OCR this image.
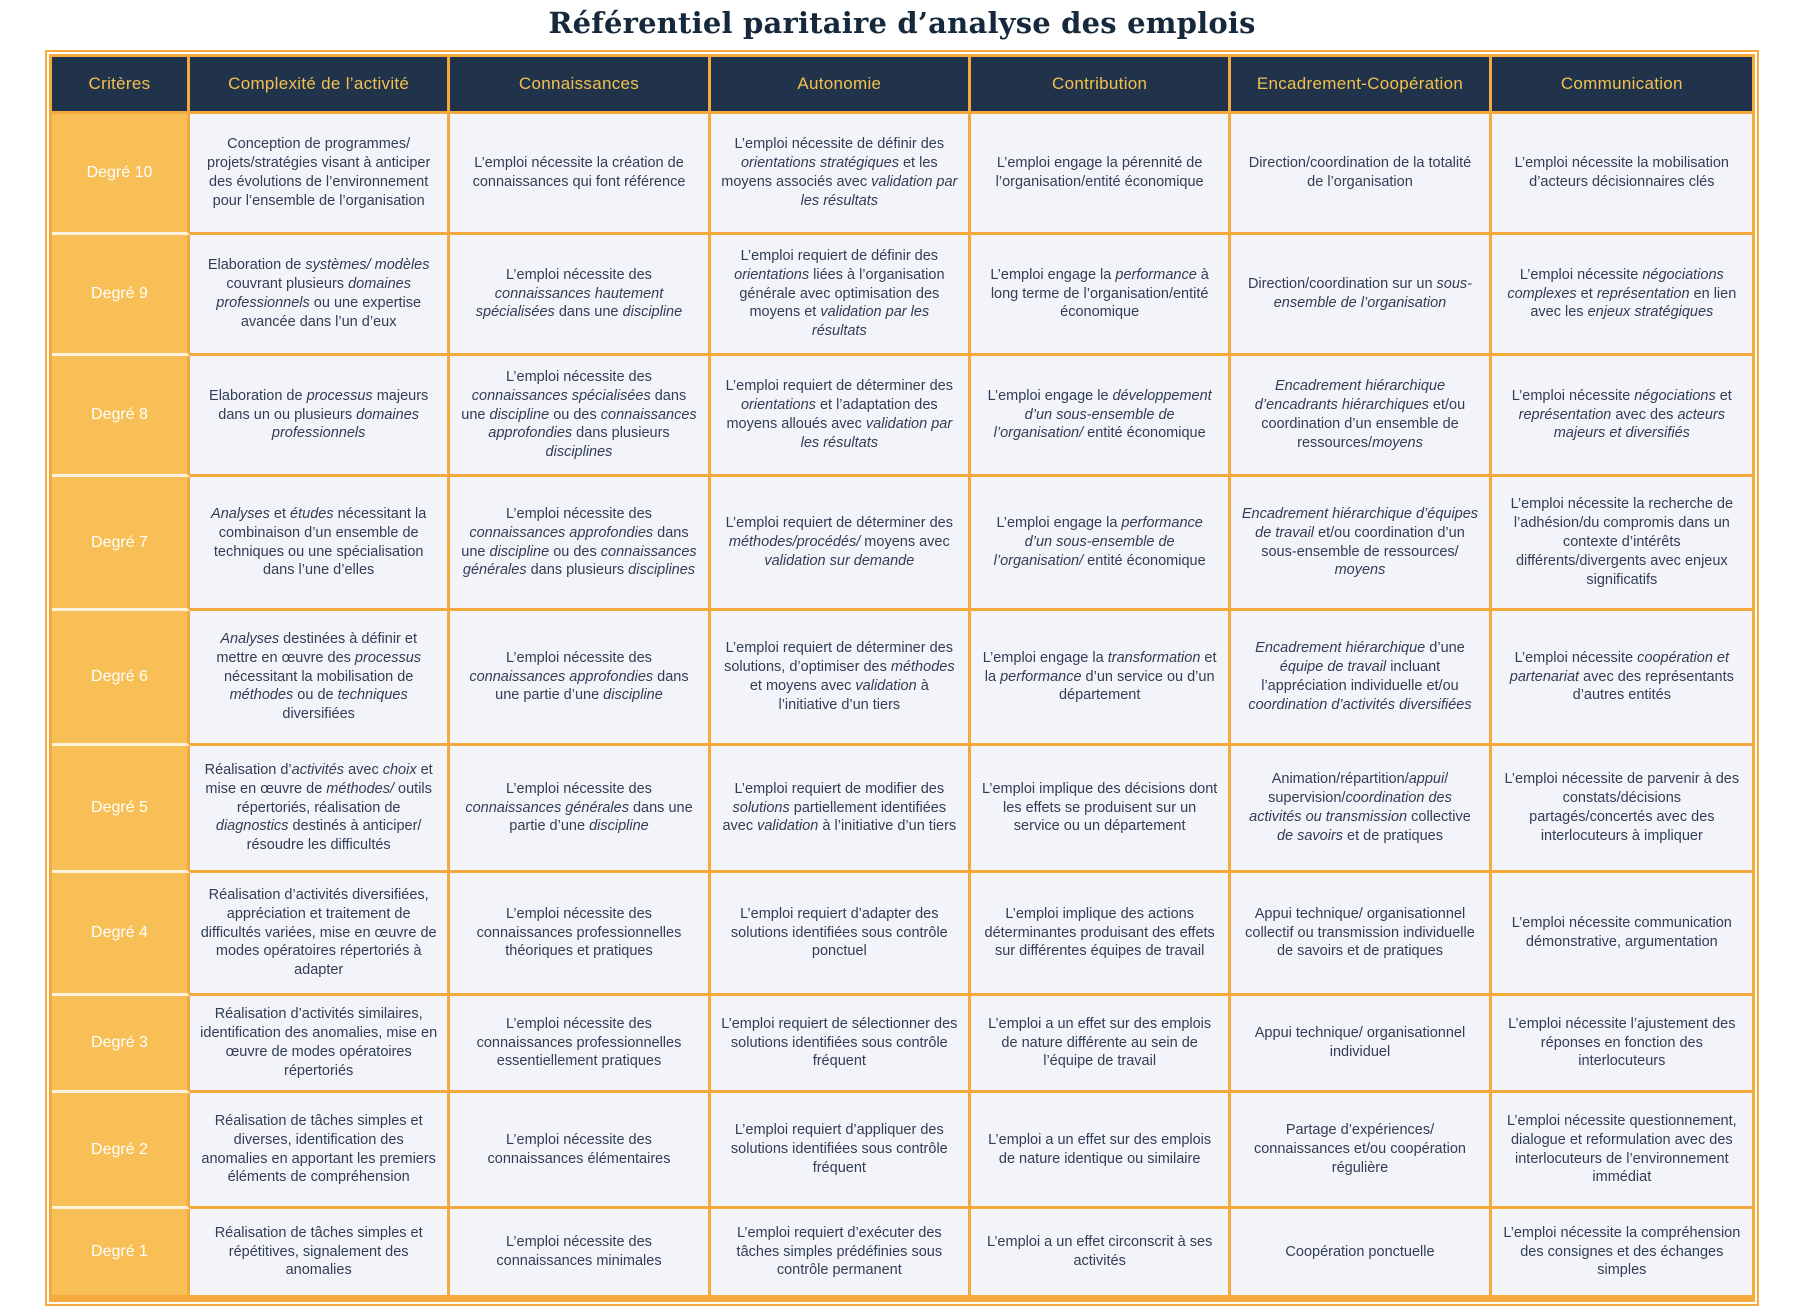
Référentiel paritaire d’analyse des emplois
Critères	Complexité de l’activité	Connaissances	Autonomie	Contribution	Encadrement-Coopération	Communication
Degré 10	Conception de programmes/ projets/stratégies visant à anticiper des évolutions de l’environnement pour l’ensemble de l’organisation	L’emploi nécessite la création de connaissances qui font référence	L’emploi nécessite de définir des orientations stratégiques et les moyens associés avec validation par les résultats	L’emploi engage la pérennité de l’organisation/entité économique	Direction/coordination de la totalité de l’organisation	L’emploi nécessite la mobilisation d’acteurs décisionnaires clés
Degré 9	Elaboration de systèmes/ modèles couvrant plusieurs domaines professionnels ou une expertise avancée dans l’un d’eux	L’emploi nécessite des connaissances hautement spécialisées dans une discipline	L’emploi requiert de définir des orientations liées à l’organisation générale avec optimisation des moyens et validation par les résultats	L’emploi engage la performance à long terme de l’organisation/entité économique	Direction/coordination sur un sous-ensemble de l’organisation	L’emploi nécessite négociations complexes et représentation en lien avec les enjeux stratégiques
Degré 8	Elaboration de processus majeurs dans un ou plusieurs domaines professionnels	L’emploi nécessite des connaissances spécialisées dans une discipline ou des connaissances approfondies dans plusieurs disciplines	L’emploi requiert de déterminer des orientations et l’adaptation des moyens alloués avec validation par les résultats	L’emploi engage le développement d’un sous-ensemble de l’organisation/ entité économique	Encadrement hiérarchique d’encadrants hiérarchiques et/ou coordination d’un ensemble de ressources/moyens	L’emploi nécessite négociations et représentation avec des acteurs majeurs et diversifiés
Degré 7	Analyses et études nécessitant la combinaison d’un ensemble de techniques ou une spécialisation dans l’une d’elles	L’emploi nécessite des connaissances approfondies dans une discipline ou des connaissances générales dans plusieurs disciplines	L’emploi requiert de déterminer des méthodes/procédés/ moyens avec validation sur demande	L’emploi engage la performance d’un sous-ensemble de l’organisation/ entité économique	Encadrement hiérarchique d’équipes de travail et/ou coordination d’un sous-ensemble de ressources/ moyens	L’emploi nécessite la recherche de l’adhésion/du compromis dans un contexte d’intérêts différents/divergents avec enjeux significatifs
Degré 6	Analyses destinées à définir et mettre en œuvre des processus nécessitant la mobilisation de méthodes ou de techniques diversifiées	L’emploi nécessite des connaissances approfondies dans une partie d’une discipline	L’emploi requiert de déterminer des solutions, d’optimiser des méthodes et moyens avec validation à l’initiative d’un tiers	L’emploi engage la transformation et la performance d’un service ou d’un département	Encadrement hiérarchique d’une équipe de travail incluant l’appréciation individuelle et/ou coordination d’activités diversifiées	L’emploi nécessite coopération et partenariat avec des représentants d’autres entités
Degré 5	Réalisation d’activités avec choix et mise en œuvre de méthodes/ outils répertoriés, réalisation de diagnostics destinés à anticiper/ résoudre les difficultés	L’emploi nécessite des connaissances générales dans une partie d’une discipline	L’emploi requiert de modifier des solutions partiellement identifiées avec validation à l’initiative d’un tiers	L’emploi implique des décisions dont les effets se produisent sur un service ou un département	Animation/répartition/appui/ supervision/coordination des activités ou transmission collective de savoirs et de pratiques	L’emploi nécessite de parvenir à des constats/décisions partagés/concertés avec des interlocuteurs à impliquer
Degré 4	Réalisation d’activités diversifiées, appréciation et traitement de difficultés variées, mise en œuvre de modes opératoires répertoriés à adapter	L’emploi nécessite des connaissances professionnelles théoriques et pratiques	L’emploi requiert d’adapter des solutions identifiées sous contrôle ponctuel	L’emploi implique des actions déterminantes produisant des effets sur différentes équipes de travail	Appui technique/ organisationnel collectif ou transmission individuelle de savoirs et de pratiques	L’emploi nécessite communication démonstrative, argumentation
Degré 3	Réalisation d’activités similaires, identification des anomalies, mise en œuvre de modes opératoires répertoriés	L’emploi nécessite des connaissances professionnelles essentiellement pratiques	L’emploi requiert de sélectionner des solutions identifiées sous contrôle fréquent	L’emploi a un effet sur des emplois de nature différente au sein de l’équipe de travail	Appui technique/ organisationnel individuel	L’emploi nécessite l’ajustement des réponses en fonction des interlocuteurs
Degré 2	Réalisation de tâches simples et diverses, identification des anomalies en apportant les premiers éléments de compréhension	L’emploi nécessite des connaissances élémentaires	L’emploi requiert d’appliquer des solutions identifiées sous contrôle fréquent	L’emploi a un effet sur des emplois de nature identique ou similaire	Partage d’expériences/ connaissances et/ou coopération régulière	L’emploi nécessite questionnement, dialogue et reformulation avec des interlocuteurs de l’environnement immédiat
Degré 1	Réalisation de tâches simples et répétitives, signalement des anomalies	L’emploi nécessite des connaissances minimales	L’emploi requiert d’exécuter des tâches simples prédéfinies sous contrôle permanent	L’emploi a un effet circonscrit à ses activités	Coopération ponctuelle	L’emploi nécessite la compréhension des consignes et des échanges simples
